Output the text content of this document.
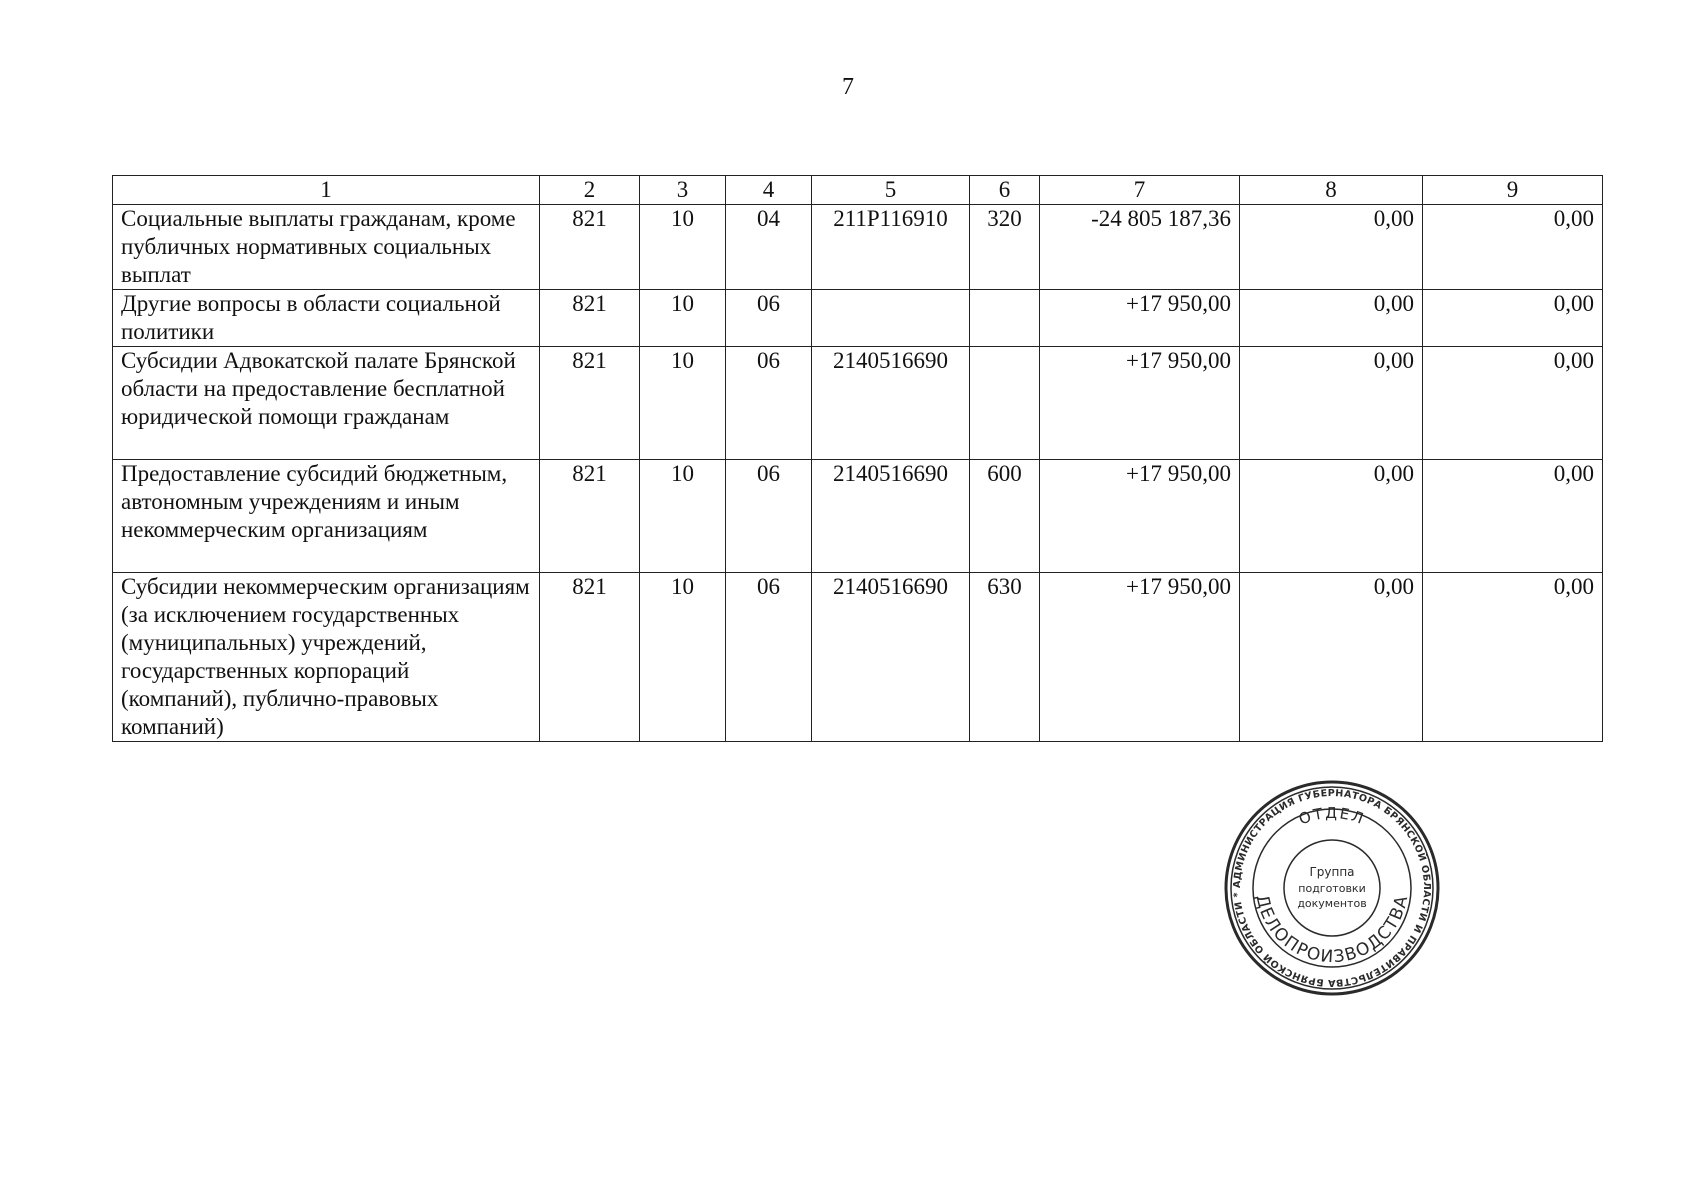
7
1	2	3	4	5	6	7	8	9
Социальные выплаты гражданам, кроме публичных нормативных социальных выплат	821	10	04	211Р116910	320	-24 805 187,36	0,00	0,00
Другие вопросы в области социальной политики	821	10	06			+17 950,00	0,00	0,00
Субсидии Адвокатской палате Брянской области на предоставление бесплатной юридической помощи гражданам	821	10	06	2140516690		+17 950,00	0,00	0,00
Предоставление субсидий бюджетным, автономным учреждениям и иным некоммерческим организациям	821	10	06	2140516690	600	+17 950,00	0,00	0,00
Субсидии некоммерческим организациям (за исключением государственных (муниципальных) учреждений, государственных корпораций (компаний), публично-правовых компаний)	821	10	06	2140516690	630	+17 950,00	0,00	0,00
АДМИНИСТРАЦИЯ ГУБЕРНАТОРА БРЯНСКОЙ ОБЛАСТИ И ПРАВИТЕЛЬСТВА БРЯНСКОЙ ОБЛАСТИ *
ОТДЕЛ
ДЕЛОПРОИЗВОДСТВА
Группа
подготовки
документов
